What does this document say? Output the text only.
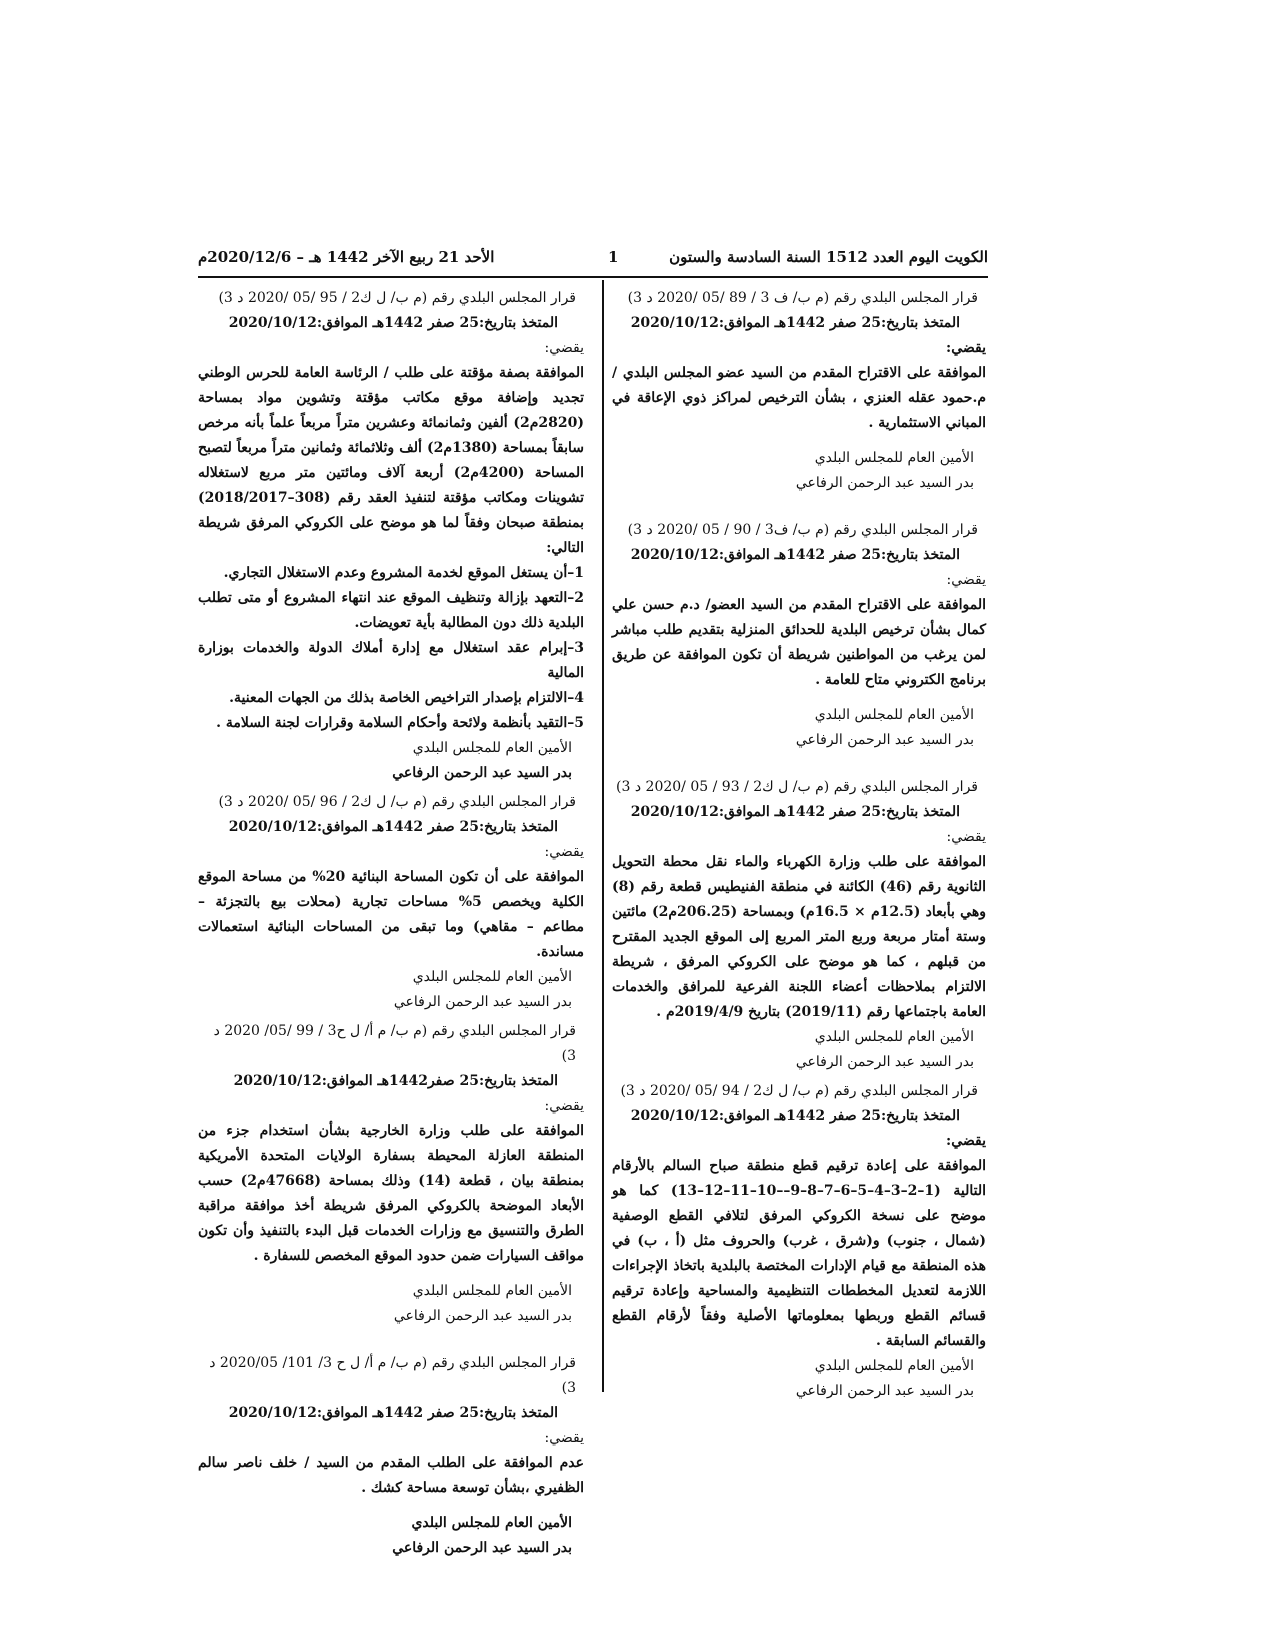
الكويت اليوم العدد 1512 السنة السادسة والستون
1
الأحد 21 ربيع الآخر 1442 هـ – 2020/12/6م
قرار المجلس البلدي رقم (م ب/ ف 3 / 89 /05 /2020 د 3)
المتخذ بتاريخ:25 صفر 1442هـ الموافق:2020/10/12
يقضي:
الموافقة على الاقتراح المقدم من السيد عضو المجلس البلدي / م.حمود عقله العنزي ، بشأن الترخيص لمراكز ذوي الإعاقة في المباني الاستثمارية .
الأمين العام للمجلس البلدي
بدر السيد عبد الرحمن الرفاعي
قرار المجلس البلدي رقم (م ب/ ف3 / 90 / 05 /2020 د 3)
المتخذ بتاريخ:25 صفر 1442هـ الموافق:2020/10/12
يقضي:
الموافقة على الاقتراح المقدم من السيد العضو/ د.م حسن علي كمال بشأن ترخيص البلدية للحدائق المنزلية بتقديم طلب مباشر لمن يرغب من المواطنين شريطة أن تكون الموافقة عن طريق برنامج الكتروني متاح للعامة .
الأمين العام للمجلس البلدي
بدر السيد عبد الرحمن الرفاعي
قرار المجلس البلدي رقم (م ب/ ل ك2 / 93 / 05 /2020 د 3)
المتخذ بتاريخ:25 صفر 1442هـ الموافق:2020/10/12
يقضي:
الموافقة على طلب وزارة الكهرباء والماء نقل محطة التحويل الثانوية رقم (46) الكائنة في منطقة الفنيطيس قطعة رقم (8) وهي بأبعاد (12.5م × 16.5م) وبمساحة (206.25م2) مائتين وستة أمتار مربعة وربع المتر المربع إلى الموقع الجديد المقترح من قبلهم ، كما هو موضح على الكروكي المرفق ، شريطة الالتزام بملاحظات أعضاء اللجنة الفرعية للمرافق والخدمات العامة باجتماعها رقم (2019/11) بتاريخ 2019/4/9م .
الأمين العام للمجلس البلدي
بدر السيد عبد الرحمن الرفاعي
قرار المجلس البلدي رقم (م ب/ ل ك2 / 94 /05 /2020 د 3)
المتخذ بتاريخ:25 صفر 1442هـ الموافق:2020/10/12
يقضي:
الموافقة على إعادة ترقيم قطع منطقة صباح السالم بالأرقام التالية (1–2–3–4–5–6–7–8–9––10–11–12–13) كما هو موضح على نسخة الكروكي المرفق لتلافي القطع الوصفية (شمال ، جنوب) و(شرق ، غرب) والحروف مثل (أ ، ب) في هذه المنطقة مع قيام الإدارات المختصة بالبلدية باتخاذ الإجراءات اللازمة لتعديل المخططات التنظيمية والمساحية وإعادة ترقيم قسائم القطع وربطها بمعلوماتها الأصلية وفقاً لأرقام القطع والقسائم السابقة .
الأمين العام للمجلس البلدي
بدر السيد عبد الرحمن الرفاعي
قرار المجلس البلدي رقم (م ب/ ل ك2 / 95 /05 /2020 د 3)
المتخذ بتاريخ:25 صفر 1442هـ الموافق:2020/10/12
يقضي:
الموافقة بصفة مؤقتة على طلب / الرئاسة العامة للحرس الوطني تجديد وإضافة موقع مكاتب مؤقتة وتشوين مواد بمساحة (2820م2) ألفين وثمانمائة وعشرين متراً مربعاً علماً بأنه مرخص سابقاً بمساحة (1380م2) ألف وثلاثمائة وثمانين متراً مربعاً لتصبح المساحة (4200م2) أربعة آلاف ومائتين متر مربع لاستغلاله تشوينات ومكاتب مؤقتة لتنفيذ العقد رقم (308–2018/2017) بمنطقة صبحان وفقاً لما هو موضح على الكروكي المرفق شريطة التالي:
1–أن يستغل الموقع لخدمة المشروع وعدم الاستغلال التجاري.
2–التعهد بإزالة وتنظيف الموقع عند انتهاء المشروع أو متى تطلب البلدية ذلك دون المطالبة بأية تعويضات.
3–إبرام عقد استغلال مع إدارة أملاك الدولة والخدمات بوزارة المالية
4–الالتزام بإصدار التراخيص الخاصة بذلك من الجهات المعنية.
5–التقيد بأنظمة ولائحة وأحكام السلامة وقرارات لجنة السلامة .
الأمين العام للمجلس البلدي
بدر السيد عبد الرحمن الرفاعي
قرار المجلس البلدي رقم (م ب/ ل ك2 / 96 /05 /2020 د 3)
المتخذ بتاريخ:25 صفر 1442هـ الموافق:2020/10/12
يقضي:
الموافقة على أن تكون المساحة البنائية 20% من مساحة الموقع الكلية ويخصص 5% مساحات تجارية (محلات بيع بالتجزئة – مطاعم – مقاهي) وما تبقى من المساحات البنائية استعمالات مساندة.
الأمين العام للمجلس البلدي
بدر السيد عبد الرحمن الرفاعي
قرار المجلس البلدي رقم (م ب/ م أ/ ل ح3 / 99 /05/ 2020 د 3)
المتخذ بتاريخ:25 صفر1442هـ الموافق:2020/10/12
يقضي:
الموافقة على طلب وزارة الخارجية بشأن استخدام جزء من المنطقة العازلة المحيطة بسفارة الولايات المتحدة الأمريكية بمنطقة بيان ، قطعة (14) وذلك بمساحة (47668م2) حسب الأبعاد الموضحة بالكروكي المرفق شريطة أخذ موافقة مراقبة الطرق والتنسيق مع وزارات الخدمات قبل البدء بالتنفيذ وأن تكون مواقف السيارات ضمن حدود الموقع المخصص للسفارة .
الأمين العام للمجلس البلدي
بدر السيد عبد الرحمن الرفاعي
قرار المجلس البلدي رقم (م ب/ م أ/ ل ح 3/ 101/ 2020/05 د 3)
المتخذ بتاريخ:25 صفر 1442هـ الموافق:2020/10/12
يقضي:
عدم الموافقة على الطلب المقدم من السيد / خلف ناصر سالم الظفيري ،بشأن توسعة مساحة كشك .
الأمين العام للمجلس البلدي
بدر السيد عبد الرحمن الرفاعي
